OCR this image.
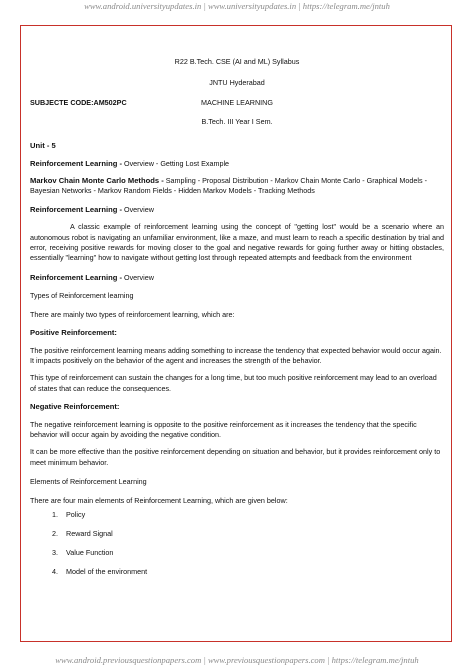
www.android.universityupdates.in | www.universityupdates.in | https://telegram.me/jntuh

R22 B.Tech. CSE (AI and ML) Syllabus

JNTU Hyderabad

MACHINE LEARNING
SUBJECTE CODE:AM502PC

B.Tech. III Year I Sem.

Unit - 5

Reinforcement Learning - Overview - Getting Lost Example

Markov Chain Monte Carlo Methods - Sampling - Proposal Distribution - Markov Chain Monte Carlo - Graphical Models - Bayesian Networks - Markov Random Fields - Hidden Markov Models - Tracking Methods

Reinforcement Learning - Overview

A classic example of reinforcement learning using the concept of "getting lost" would be a scenario where an autonomous robot is navigating an unfamiliar environment, like a maze, and must learn to reach a specific destination by trial and error, receiving positive rewards for moving closer to the goal and negative rewards for going further away or hitting obstacles, essentially "learning" how to navigate without getting lost through repeated attempts and feedback from the environment

Reinforcement Learning - Overview

Types of Reinforcement learning

There are mainly two types of reinforcement learning, which are:

Positive Reinforcement:

The positive reinforcement learning means adding something to increase the tendency that expected behavior would occur again. It impacts positively on the behavior of the agent and increases the strength of the behavior.

This type of reinforcement can sustain the changes for a long time, but too much positive reinforcement may lead to an overload of states that can reduce the consequences.

Negative Reinforcement:

The negative reinforcement learning is opposite to the positive reinforcement as it increases the tendency that the specific behavior will occur again by avoiding the negative condition.

It can be more effective than the positive reinforcement depending on situation and behavior, but it provides reinforcement only to meet minimum behavior.

Elements of Reinforcement Learning

There are four main elements of Reinforcement Learning, which are given below:

1. Policy
2. Reward Signal
3. Value Function
4. Model of the environment
www.android.previousquestionpapers.com | www.previousquestionpapers.com | https://telegram.me/jntuh
